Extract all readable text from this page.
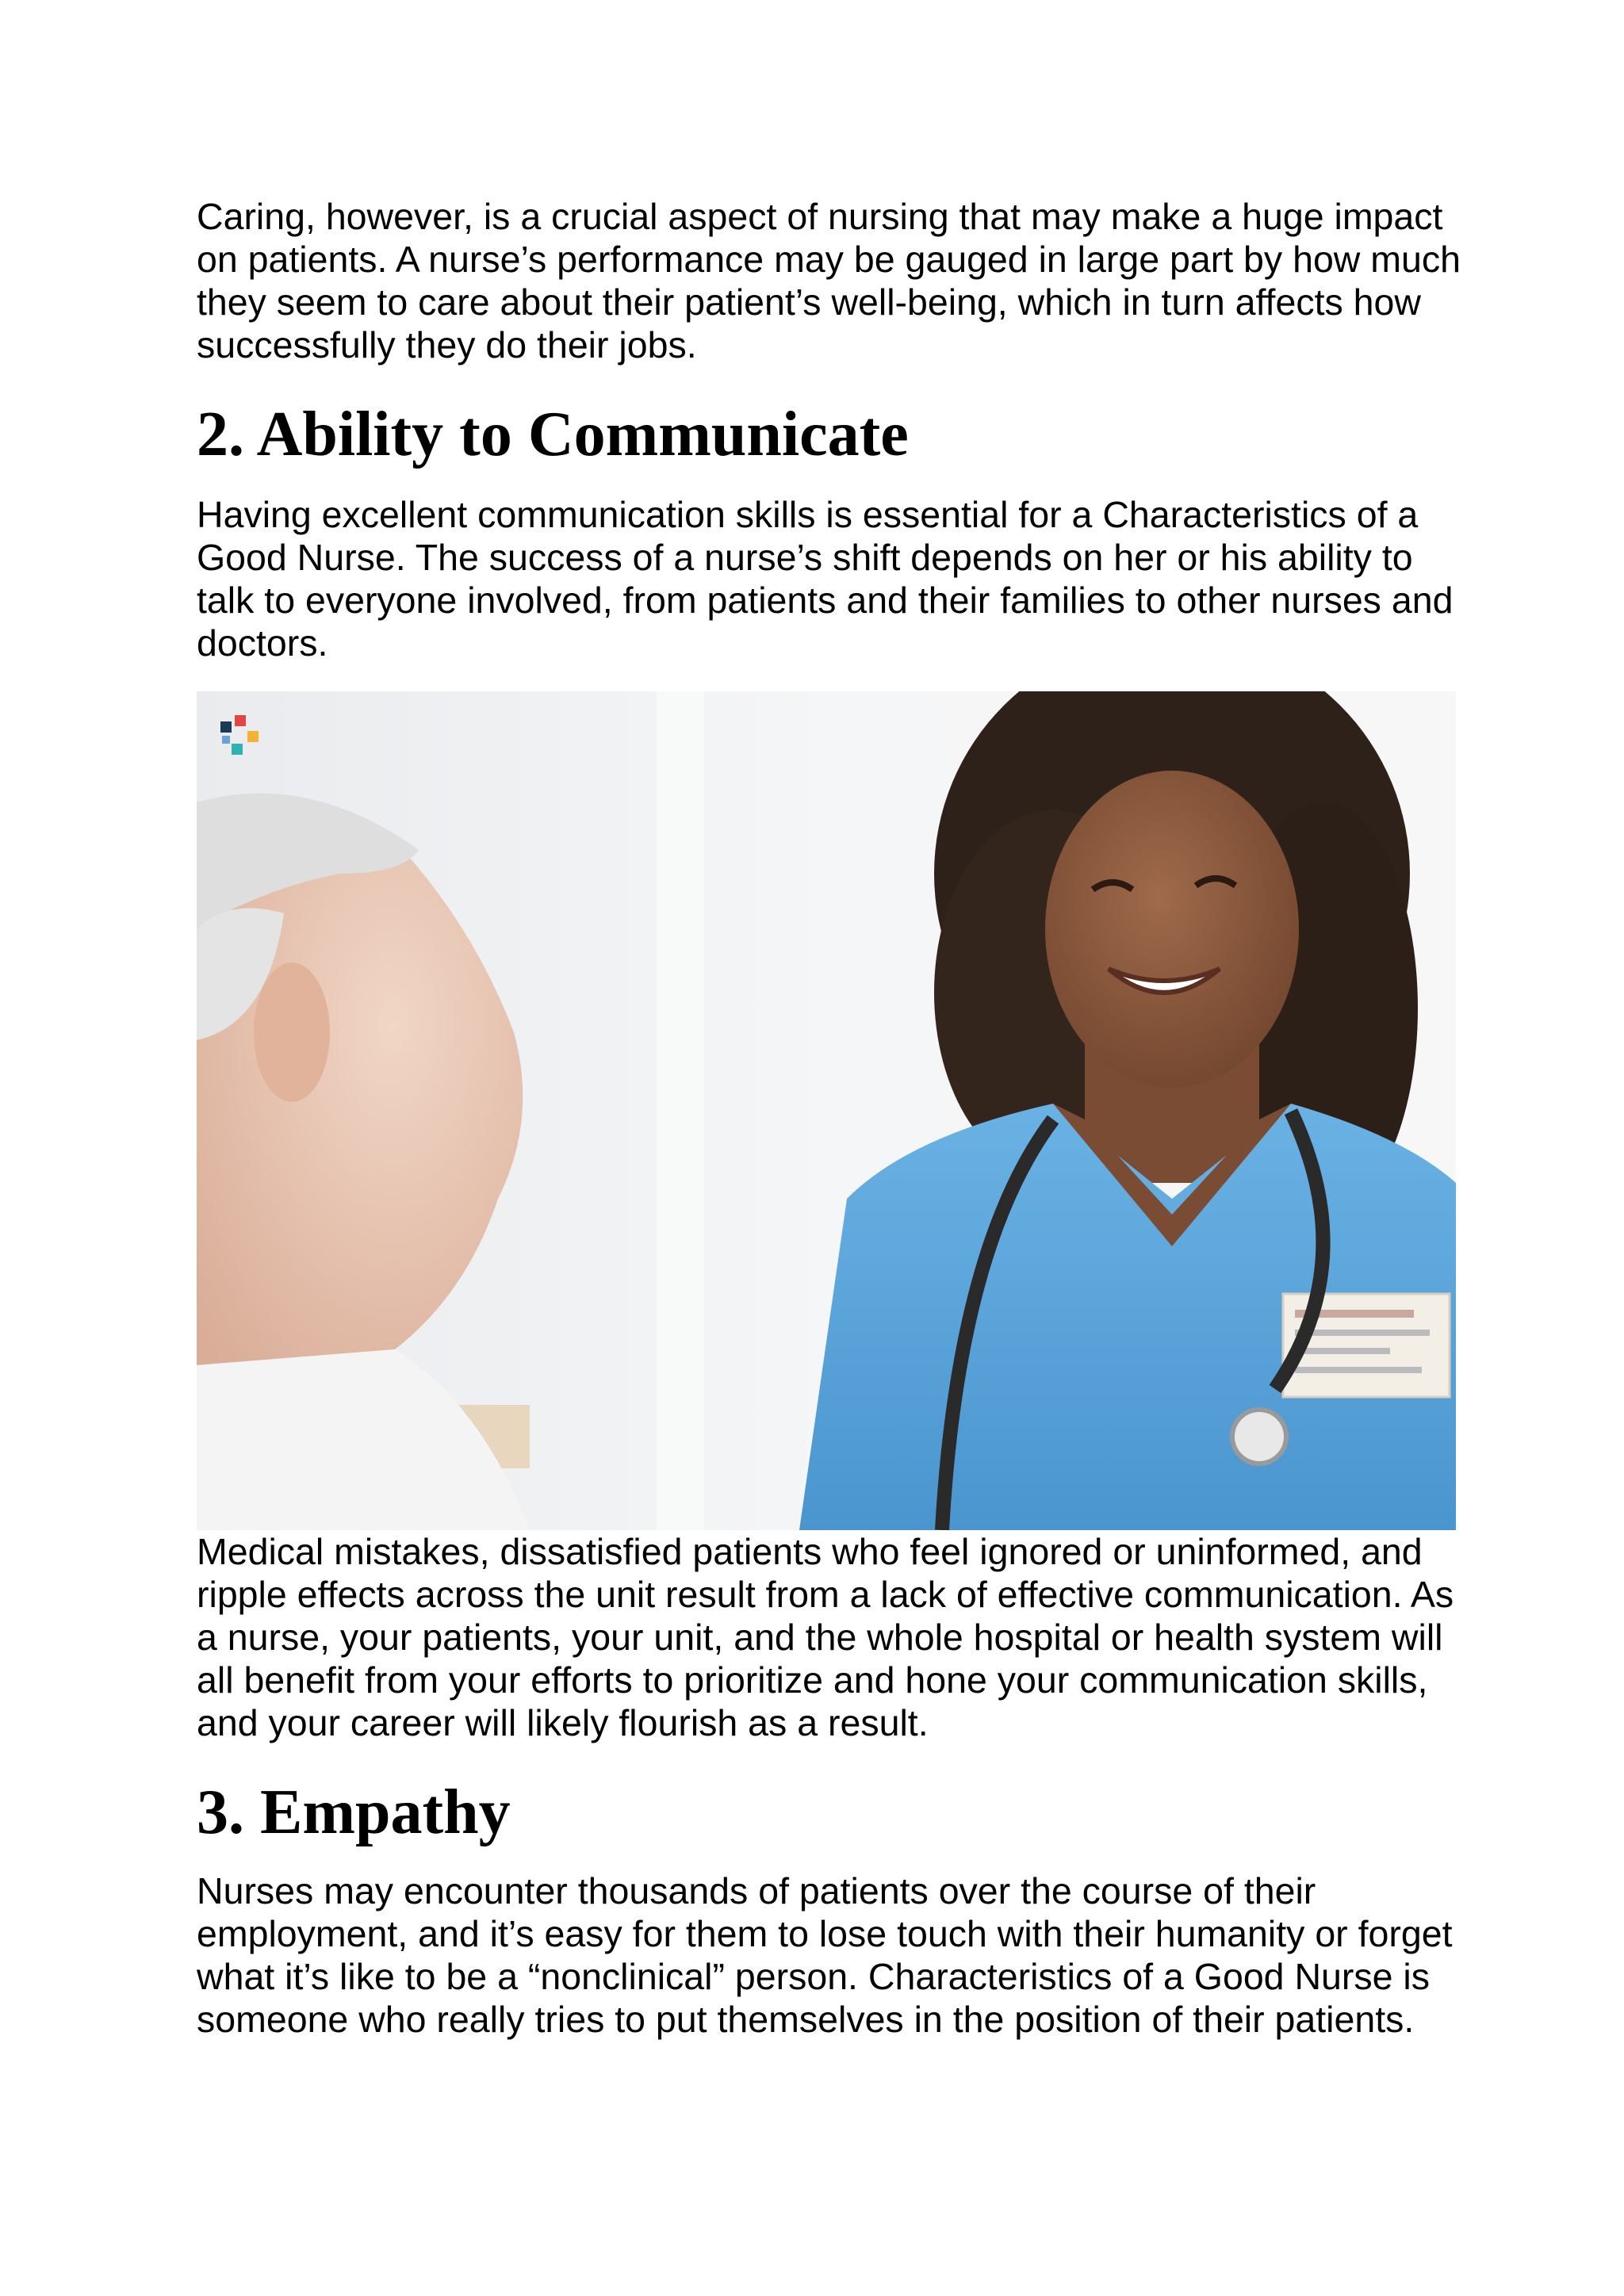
Caring, however, is a crucial aspect of nursing that may make a huge impact on patients. A nurse’s performance may be gauged in large part by how much they seem to care about their patient’s well-being, which in turn affects how successfully they do their jobs.

2. Ability to Communicate

Having excellent communication skills is essential for a Characteristics of a Good Nurse. The success of a nurse’s shift depends on her or his ability to talk to everyone involved, from patients and their families to other nurses and doctors.

Medical mistakes, dissatisfied patients who feel ignored or uninformed, and ripple effects across the unit result from a lack of effective communication. As a nurse, your patients, your unit, and the whole hospital or health system will all benefit from your efforts to prioritize and hone your communication skills, and your career will likely flourish as a result.

3. Empathy

Nurses may encounter thousands of patients over the course of their employment, and it’s easy for them to lose touch with their humanity or forget what it’s like to be a “nonclinical” person. Characteristics of a Good Nurse is someone who really tries to put themselves in the position of their patients.
